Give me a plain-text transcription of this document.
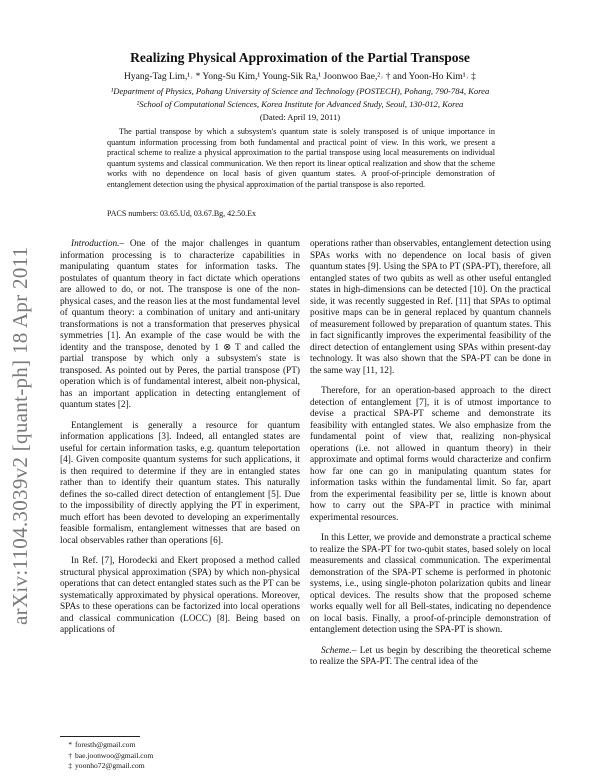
arXiv:1104.3039v2 [quant-ph] 18 Apr 2011
Realizing Physical Approximation of the Partial Transpose
Hyang-Tag Lim,¹˒ * Yong-Su Kim,¹ Young-Sik Ra,¹ Joonwoo Bae,²˒ † and Yoon-Ho Kim¹˒ ‡
¹Department of Physics, Pohang University of Science and Technology (POSTECH), Pohang, 790-784, Korea
²School of Computational Sciences, Korea Institute for Advanced Study, Seoul, 130-012, Korea
(Dated: April 19, 2011)

The partial transpose by which a subsystem's quantum state is solely transposed is of unique importance in quantum information processing from both fundamental and practical point of view. In this work, we present a practical scheme to realize a physical approximation to the partial transpose using local measurements on individual quantum systems and classical communication. We then report its linear optical realization and show that the scheme works with no dependence on local basis of given quantum states. A proof-of-principle demonstration of entanglement detection using the physical approximation of the partial transpose is also reported.

PACS numbers: 03.65.Ud, 03.67.Bg, 42.50.Ex

Introduction.– One of the major challenges in quantum information processing is to characterize capabilities in manipulating quantum states for information tasks. The postulates of quantum theory in fact dictate which operations are allowed to do, or not. The transpose is one of the non-physical cases, and the reason lies at the most fundamental level of quantum theory: a combination of unitary and anti-unitary transformations is not a transformation that preserves physical symmetries [1]. An example of the case would be with the identity and the transpose, denoted by 1 ⊗ T and called the partial transpose by which only a subsystem's state is transposed. As pointed out by Peres, the partial transpose (PT) operation which is of fundamental interest, albeit non-physical, has an important application in detecting entanglement of quantum states [2].

Entanglement is generally a resource for quantum information applications [3]. Indeed, all entangled states are useful for certain information tasks, e.g. quantum teleportation [4]. Given composite quantum systems for such applications, it is then required to determine if they are in entangled states rather than to identify their quantum states. This naturally defines the so-called direct detection of entanglement [5]. Due to the impossibility of directly applying the PT in experiment, much effort has been devoted to developing an experimentally feasible formalism, entanglement witnesses that are based on local observables rather than operations [6].

In Ref. [7], Horodecki and Ekert proposed a method called structural physical approximation (SPA) by which non-physical operations that can detect entangled states such as the PT can be systematically approximated by physical operations. Moreover, SPAs to these operations can be factorized into local operations and classical communication (LOCC) [8]. Being based on applications of

operations rather than observables, entanglement detection using SPAs works with no dependence on local basis of given quantum states [9]. Using the SPA to PT (SPA-PT), therefore, all entangled states of two qubits as well as other useful entangled states in high-dimensions can be detected [10]. On the practical side, it was recently suggested in Ref. [11] that SPAs to optimal positive maps can be in general replaced by quantum channels of measurement followed by preparation of quantum states. This in fact significantly improves the experimental feasibility of the direct detection of entanglement using SPAs within present-day technology. It was also shown that the SPA-PT can be done in the same way [11, 12].

Therefore, for an operation-based approach to the direct detection of entanglement [7], it is of utmost importance to devise a practical SPA-PT scheme and demonstrate its feasibility with entangled states. We also emphasize from the fundamental point of view that, realizing non-physical operations (i.e. not allowed in quantum theory) in their approximate and optimal forms would characterize and confirm how far one can go in manipulating quantum states for information tasks within the fundamental limit. So far, apart from the experimental feasibility per se, little is known about how to carry out the SPA-PT in practice with minimal experimental resources.

In this Letter, we provide and demonstrate a practical scheme to realize the SPA-PT for two-qubit states, based solely on local measurements and classical communication. The experimental demonstration of the SPA-PT scheme is performed in photonic systems, i.e., using single-photon polarization qubits and linear optical devices. The results show that the proposed scheme works equally well for all Bell-states, indicating no dependence on local basis. Finally, a proof-of-principle demonstration of entanglement detection using the SPA-PT is shown.

Scheme.– Let us begin by describing the theoretical scheme to realize the SPA-PT. The central idea of the

* foresth@gmail.com
† bae.joonwoo@gmail.com
‡ yoonho72@gmail.com
